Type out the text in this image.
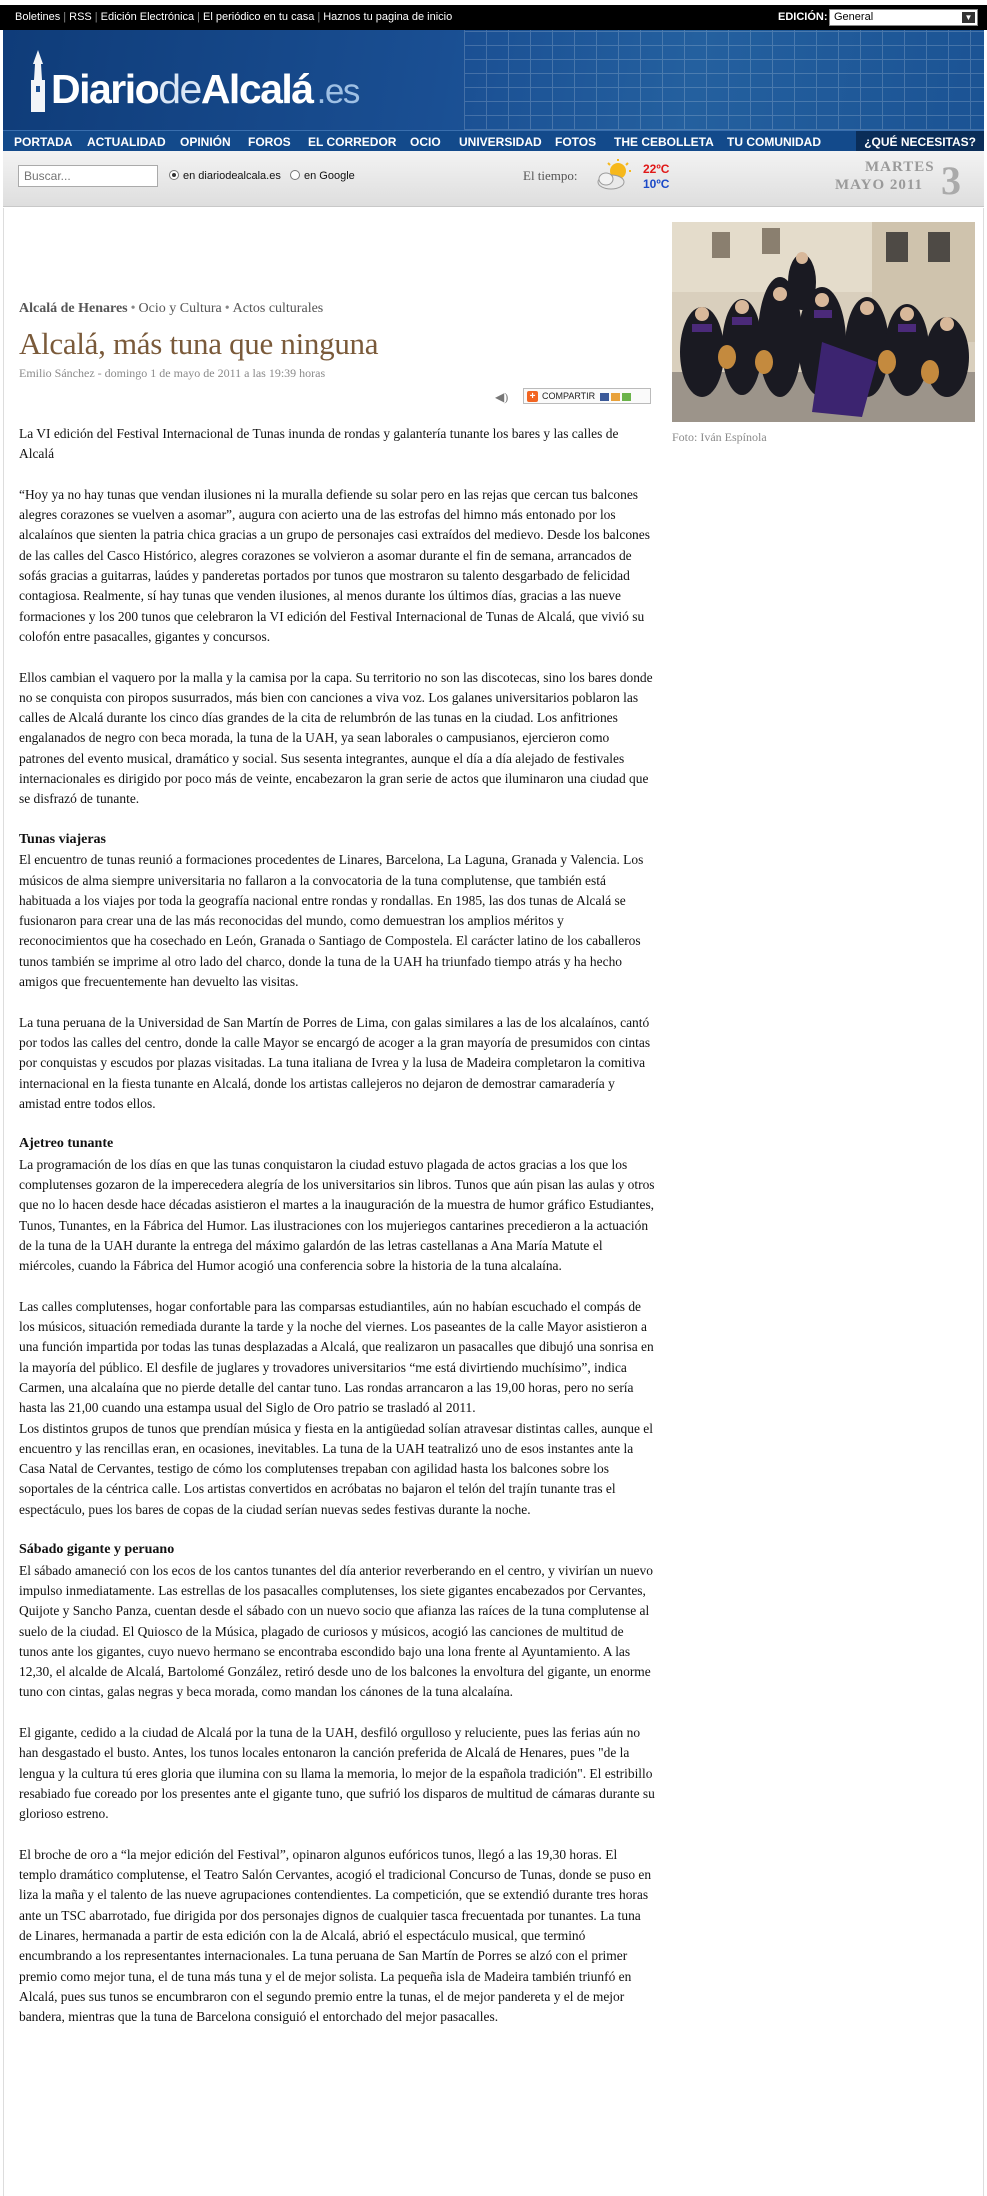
Boletines | RSS | Edición Electrónica | El periódico en tu casa | Haznos tu pagina de inicio	EDICIÓN: General	▼
DiariodeAlcalá .es
PORTADA ACTUALIDAD OPINIÓN FOROS EL CORREDOR OCIO UNIVERSIDAD FOTOS THE CEBOLLETA TU COMUNIDAD	¿QUÉ NECESITAS?
Buscar...
en diariodealcala.es en Google	El tiempo:	22ºC
10ºC
MARTES
MAYO 2011 3
Alcalá de Henares • Ocio y Cultura • Actos culturales
Alcalá, más tuna que ninguna
Emilio Sánchez - domingo 1 de mayo de 2011 a las 19:39 horas
◀) + COMPARTIR

La VI edición del Festival Internacional de Tunas inunda de rondas y galantería tunante los bares y las calles de Alcalá

“Hoy ya no hay tunas que vendan ilusiones ni la muralla defiende su solar pero en las rejas que cercan tus balcones alegres corazones se vuelven a asomar”, augura con acierto una de las estrofas del himno más entonado por los alcalaínos que sienten la patria chica gracias a un grupo de personajes casi extraídos del medievo. Desde los balcones de las calles del Casco Histórico, alegres corazones se volvieron a asomar durante el fin de semana, arrancados de sofás gracias a guitarras, laúdes y panderetas portados por tunos que mostraron su talento desgarbado de felicidad contagiosa. Realmente, sí hay tunas que venden ilusiones, al menos durante los últimos días, gracias a las nueve formaciones y los 200 tunos que celebraron la VI edición del Festival Internacional de Tunas de Alcalá, que vivió su colofón entre pasacalles, gigantes y concursos.

Ellos cambian el vaquero por la malla y la camisa por la capa. Su territorio no son las discotecas, sino los bares donde no se conquista con piropos susurrados, más bien con canciones a viva voz. Los galanes universitarios poblaron las calles de Alcalá durante los cinco días grandes de la cita de relumbrón de las tunas en la ciudad. Los anfitriones engalanados de negro con beca morada, la tuna de la UAH, ya sean laborales o campusianos, ejercieron como patrones del evento musical, dramático y social. Sus sesenta integrantes, aunque el día a día alejado de festivales internacionales es dirigido por poco más de veinte, encabezaron la gran serie de actos que iluminaron una ciudad que se disfrazó de tunante.

Tunas viajeras

El encuentro de tunas reunió a formaciones procedentes de Linares, Barcelona, La Laguna, Granada y Valencia. Los músicos de alma siempre universitaria no fallaron a la convocatoria de la tuna complutense, que también está habituada a los viajes por toda la geografía nacional entre rondas y rondallas. En 1985, las dos tunas de Alcalá se fusionaron para crear una de las más reconocidas del mundo, como demuestran los amplios méritos y reconocimientos que ha cosechado en León, Granada o Santiago de Compostela. El carácter latino de los caballeros tunos también se imprime al otro lado del charco, donde la tuna de la UAH ha triunfado tiempo atrás y ha hecho amigos que frecuentemente han devuelto las visitas.

La tuna peruana de la Universidad de San Martín de Porres de Lima, con galas similares a las de los alcalaínos, cantó por todos las calles del centro, donde la calle Mayor se encargó de acoger a la gran mayoría de presumidos con cintas por conquistas y escudos por plazas visitadas. La tuna italiana de Ivrea y la lusa de Madeira completaron la comitiva internacional en la fiesta tunante en Alcalá, donde los artistas callejeros no dejaron de demostrar camaradería y amistad entre todos ellos.

Ajetreo tunante

La programación de los días en que las tunas conquistaron la ciudad estuvo plagada de actos gracias a los que los complutenses gozaron de la imperecedera alegría de los universitarios sin libros. Tunos que aún pisan las aulas y otros que no lo hacen desde hace décadas asistieron el martes a la inauguración de la muestra de humor gráfico Estudiantes, Tunos, Tunantes, en la Fábrica del Humor. Las ilustraciones con los mujeriegos cantarines precedieron a la actuación de la tuna de la UAH durante la entrega del máximo galardón de las letras castellanas a Ana María Matute el miércoles, cuando la Fábrica del Humor acogió una conferencia sobre la historia de la tuna alcalaína.

Las calles complutenses, hogar confortable para las comparsas estudiantiles, aún no habían escuchado el compás de los músicos, situación remediada durante la tarde y la noche del viernes. Los paseantes de la calle Mayor asistieron a una función impartida por todas las tunas desplazadas a Alcalá, que realizaron un pasacalles que dibujó una sonrisa en la mayoría del público. El desfile de juglares y trovadores universitarios “me está divirtiendo muchísimo”, indica Carmen, una alcalaína que no pierde detalle del cantar tuno. Las rondas arrancaron a las 19,00 horas, pero no sería hasta las 21,00 cuando una estampa usual del Siglo de Oro patrio se trasladó al 2011.

Los distintos grupos de tunos que prendían música y fiesta en la antigüedad solían atravesar distintas calles, aunque el encuentro y las rencillas eran, en ocasiones, inevitables. La tuna de la UAH teatralizó uno de esos instantes ante la Casa Natal de Cervantes, testigo de cómo los complutenses trepaban con agilidad hasta los balcones sobre los soportales de la céntrica calle. Los artistas convertidos en acróbatas no bajaron el telón del trajín tunante tras el espectáculo, pues los bares de copas de la ciudad serían nuevas sedes festivas durante la noche.

Sábado gigante y peruano

El sábado amaneció con los ecos de los cantos tunantes del día anterior reverberando en el centro, y vivirían un nuevo impulso inmediatamente. Las estrellas de los pasacalles complutenses, los siete gigantes encabezados por Cervantes, Quijote y Sancho Panza, cuentan desde el sábado con un nuevo socio que afianza las raíces de la tuna complutense al suelo de la ciudad. El Quiosco de la Música, plagado de curiosos y músicos, acogió las canciones de multitud de tunos ante los gigantes, cuyo nuevo hermano se encontraba escondido bajo una lona frente al Ayuntamiento. A las 12,30, el alcalde de Alcalá, Bartolomé González, retiró desde uno de los balcones la envoltura del gigante, un enorme tuno con cintas, galas negras y beca morada, como mandan los cánones de la tuna alcalaína.

El gigante, cedido a la ciudad de Alcalá por la tuna de la UAH, desfiló orgulloso y reluciente, pues las ferias aún no han desgastado el busto. Antes, los tunos locales entonaron la canción preferida de Alcalá de Henares, pues "de la lengua y la cultura tú eres gloria que ilumina con su llama la memoria, lo mejor de la española tradición". El estribillo resabiado fue coreado por los presentes ante el gigante tuno, que sufrió los disparos de multitud de cámaras durante su glorioso estreno.

El broche de oro a “la mejor edición del Festival”, opinaron algunos eufóricos tunos, llegó a las 19,30 horas. El templo dramático complutense, el Teatro Salón Cervantes, acogió el tradicional Concurso de Tunas, donde se puso en liza la maña y el talento de las nueve agrupaciones contendientes. La competición, que se extendió durante tres horas ante un TSC abarrotado, fue dirigida por dos personajes dignos de cualquier tasca frecuentada por tunantes. La tuna de Linares, hermanada a partir de esta edición con la de Alcalá, abrió el espectáculo musical, que terminó encumbrando a los representantes internacionales. La tuna peruana de San Martín de Porres se alzó con el primer premio como mejor tuna, el de tuna más tuna y el de mejor solista. La pequeña isla de Madeira también triunfó en Alcalá, pues sus tunos se encumbraron con el segundo premio entre la tunas, el de mejor pandereta y el de mejor bandera, mientras que la tuna de Barcelona consiguió el entorchado del mejor pasacalles.

Foto: Iván Espínola
